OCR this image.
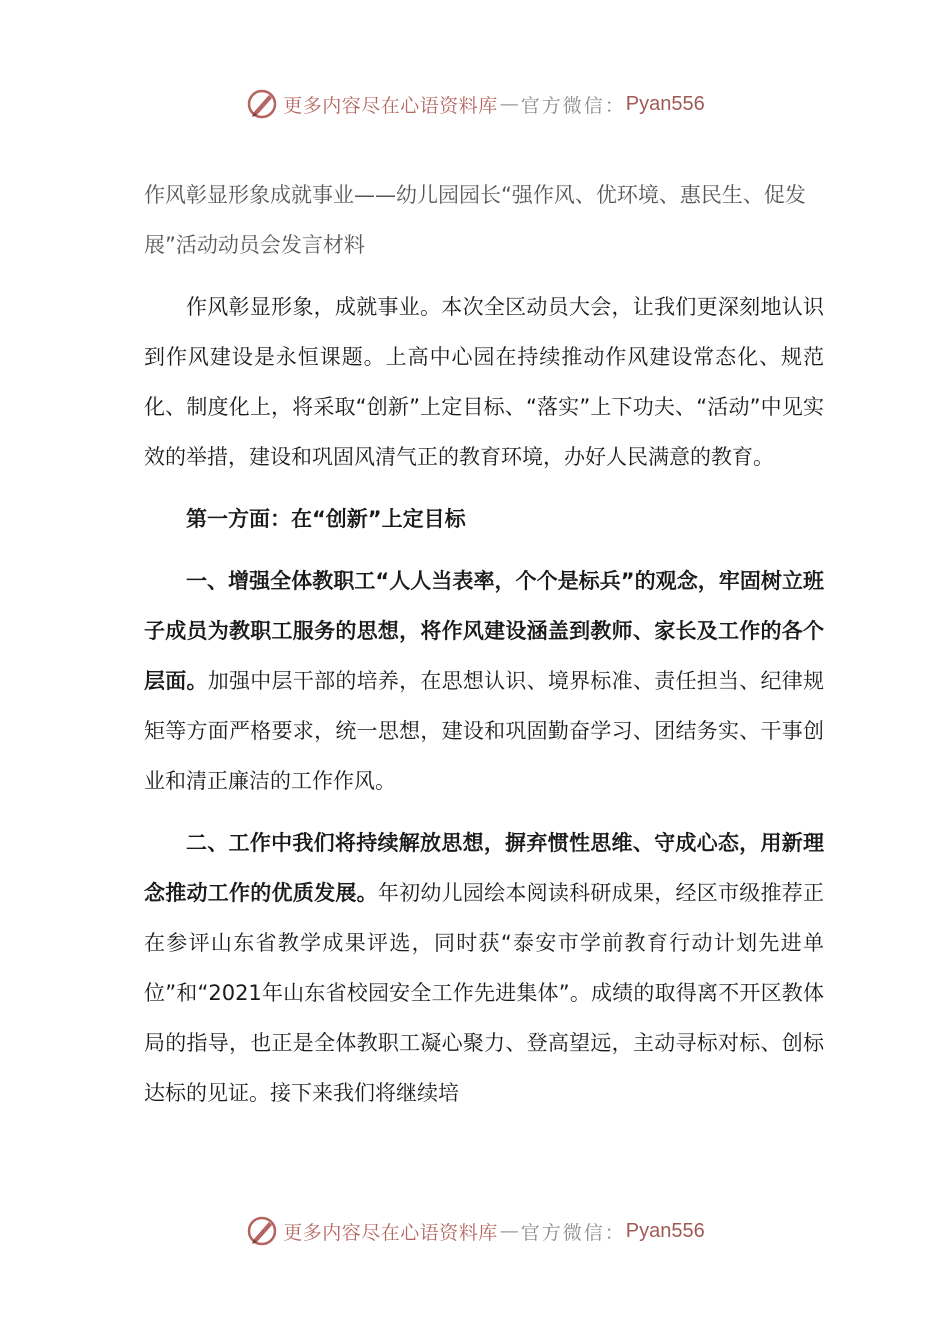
更多内容尽在心语资料库 — 官方微信： Pyan556
作风彰显形象成就事业——幼儿园园长“强作风、优环境、惠民生、促发展”活动动员会发言材料

作风彰显形象，成就事业。本次全区动员大会，让我们更深刻地认识到作风建设是永恒课题。上高中心园在持续推动作风建设常态化、规范化、制度化上，将采取“创新”上定目标、“落实”上下功夫、“活动”中见实效的举措，建设和巩固风清气正的教育环境，办好人民满意的教育。

第一方面：在“创新”上定目标

一、增强全体教职工“人人当表率，个个是标兵”的观念，牢固树立班子成员为教职工服务的思想，将作风建设涵盖到教师、家长及工作的各个层面。加强中层干部的培养，在思想认识、境界标准、责任担当、纪律规矩等方面严格要求，统一思想，建设和巩固勤奋学习、团结务实、干事创业和清正廉洁的工作作风。

二、工作中我们将持续解放思想，摒弃惯性思维、守成心态，用新理念推动工作的优质发展。年初幼儿园绘本阅读科研成果，经区市级推荐正在参评山东省教学成果评选，同时获“泰安市学前教育行动计划先进单位”和“2021年山东省校园安全工作先进集体”。成绩的取得离不开区教体局的指导，也正是全体教职工凝心聚力、登高望远，主动寻标对标、创标达标的见证。接下来我们将继续培

更多内容尽在心语资料库 — 官方微信： Pyan556
